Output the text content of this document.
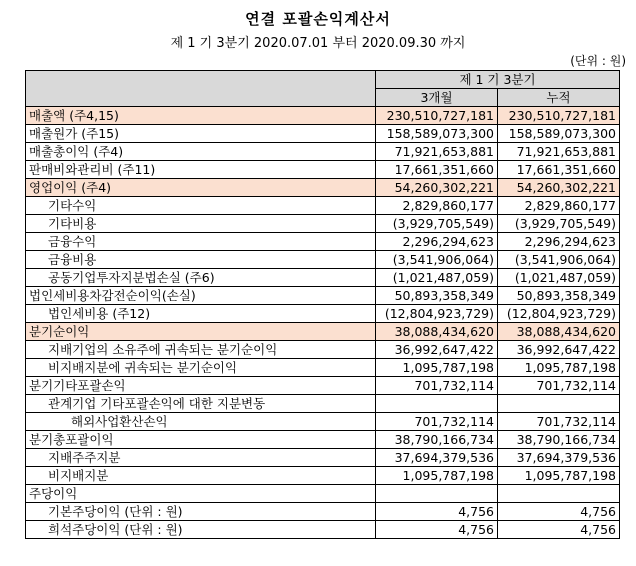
연결 포괄손익계산서
제 1 기 3분기 2020.07.01 부터 2020.09.30 까지
(단위 : 원)
	제 1 기 3분기	
	3개월	누적
매출액 (주4,15)	230,510,727,181	230,510,727,181
매출원가 (주15)	158,589,073,300	158,589,073,300
매출총이익 (주4)	71,921,653,881	71,921,653,881
판매비와관리비 (주11)	17,661,351,660	17,661,351,660
영업이익 (주4)	54,260,302,221	54,260,302,221
기타수익	2,829,860,177	2,829,860,177
기타비용	(3,929,705,549)	(3,929,705,549)
금융수익	2,296,294,623	2,296,294,623
금융비용	(3,541,906,064)	(3,541,906,064)
공동기업투자지분법손실 (주6)	(1,021,487,059)	(1,021,487,059)
법인세비용차감전순이익(손실)	50,893,358,349	50,893,358,349
법인세비용 (주12)	(12,804,923,729)	(12,804,923,729)
분기순이익	38,088,434,620	38,088,434,620
지배기업의 소유주에 귀속되는 분기순이익	36,992,647,422	36,992,647,422
비지배지분에 귀속되는 분기순이익	1,095,787,198	1,095,787,198
분기기타포괄손익	701,732,114	701,732,114
관계기업 기타포괄손익에 대한 지분변동		
해외사업환산손익	701,732,114	701,732,114
분기총포괄이익	38,790,166,734	38,790,166,734
지배주주지분	37,694,379,536	37,694,379,536
비지배지분	1,095,787,198	1,095,787,198
주당이익		
기본주당이익 (단위 : 원)	4,756	4,756
희석주당이익 (단위 : 원)	4,756	4,756
